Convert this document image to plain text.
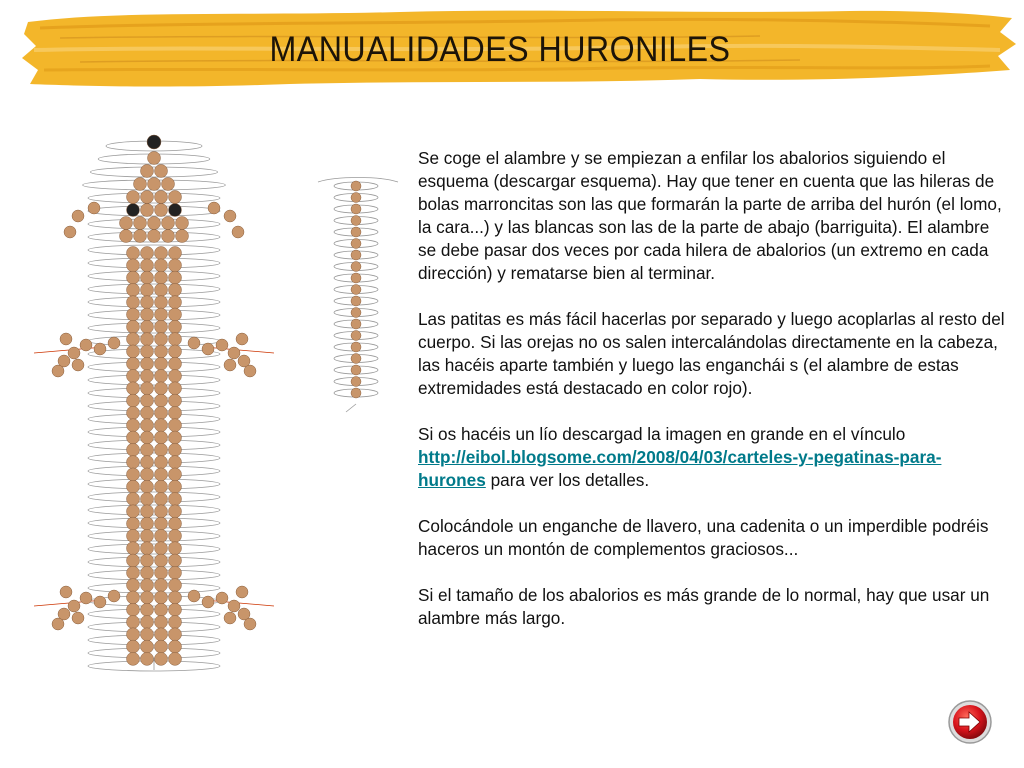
MANUALIDADES HURONILES

Se coge el alambre y se empiezan a enfilar los abalorios siguiendo el esquema (descargar esquema). Hay que tener en cuenta que las hileras de bolas marroncitas son las que formarán la parte de arriba del hurón (el lomo, la cara...) y las blancas son las de la parte de abajo (barriguita). El alambre se debe pasar dos veces por cada hilera de abalorios (un extremo en cada dirección) y rematarse bien al terminar.

Las patitas es más fácil hacerlas por separado y luego acoplarlas al resto del cuerpo. Si las orejas no os salen intercalándolas directamente en la cabeza, las hacéis aparte también y luego las enganchái s (el alambre de estas extremidades está destacado en color rojo).

Si os hacéis un lío descargad la imagen en grande en el vínculo http://eibol.blogsome.com/2008/04/03/carteles-y-pegatinas-para-hurones para ver los detalles.

Colocándole un enganche de llavero, una cadenita o un imperdible podréis haceros un montón de complementos graciosos...

Si el tamaño de los abalorios es más grande de lo normal, hay que usar un alambre más largo.
